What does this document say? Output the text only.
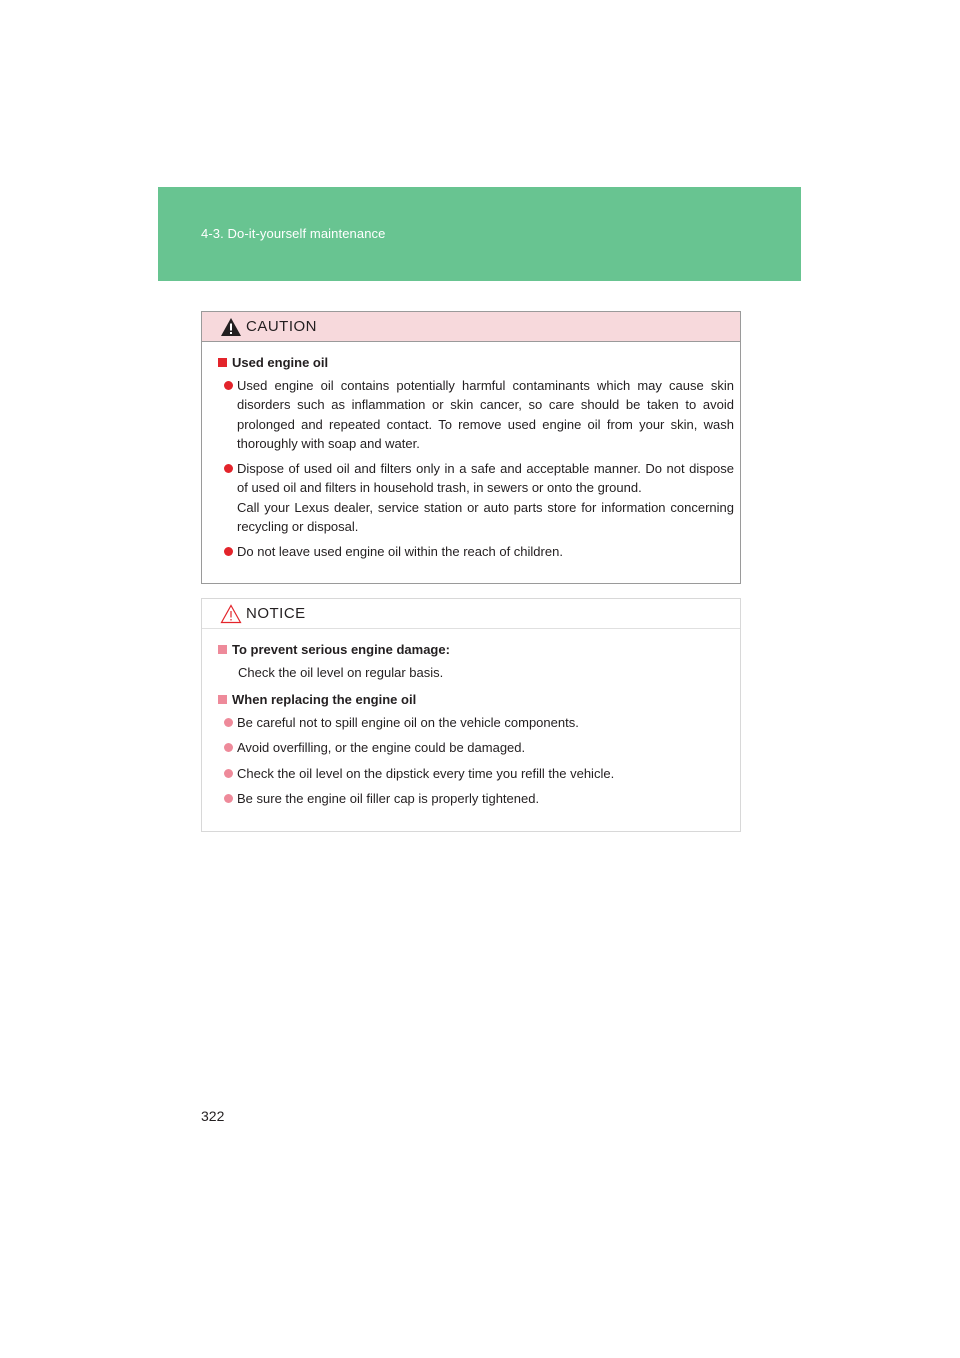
4-3. Do-it-yourself maintenance
CAUTION
Used engine oil
Used engine oil contains potentially harmful contaminants which may cause skin disorders such as inflammation or skin cancer, so care should be taken to avoid prolonged and repeated contact. To remove used engine oil from your skin, wash thoroughly with soap and water.
Dispose of used oil and filters only in a safe and acceptable manner. Do not dispose of used oil and filters in household trash, in sewers or onto the ground.
Call your Lexus dealer, service station or auto parts store for information concerning recycling or disposal.
Do not leave used engine oil within the reach of children.
NOTICE
To prevent serious engine damage:
Check the oil level on regular basis.
When replacing the engine oil
Be careful not to spill engine oil on the vehicle components.
Avoid overfilling, or the engine could be damaged.
Check the oil level on the dipstick every time you refill the vehicle.
Be sure the engine oil filler cap is properly tightened.
322
